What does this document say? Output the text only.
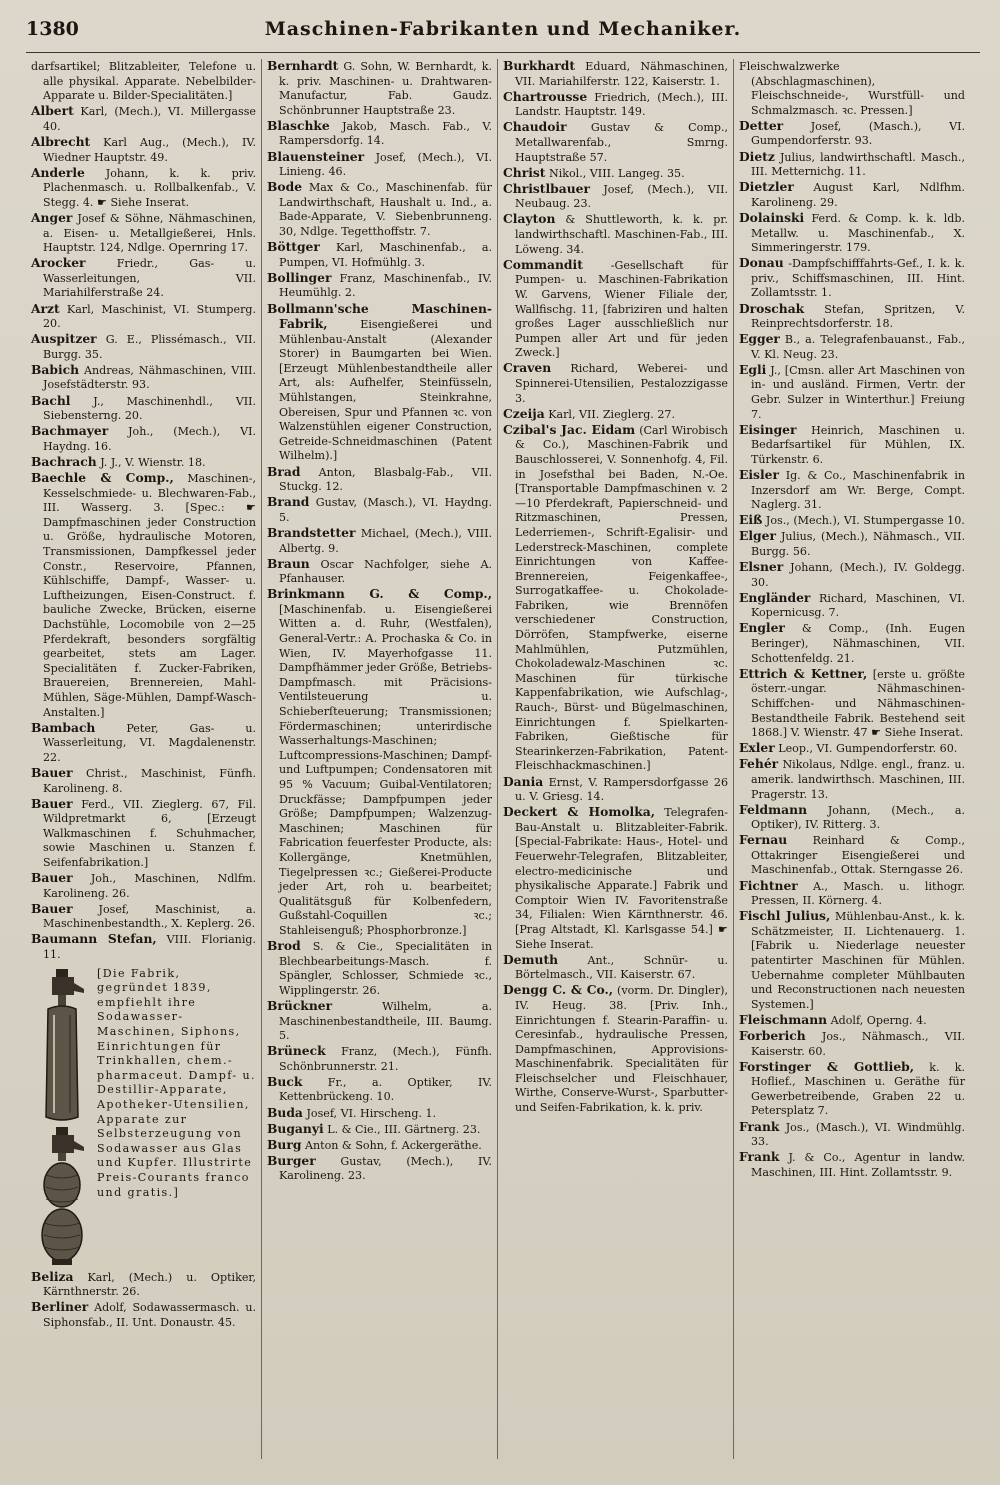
1380	Maschinen-Fabrikanten und Mechaniker.

darfsartikel; Blitzableiter, Telefone u. alle physikal. Apparate. Nebelbilder-Apparate u. Bilder-Specialitäten.]

Albert Karl, (Mech.), VI. Millergasse 40.

Albrecht Karl Aug., (Mech.), IV. Wiedner Hauptstr. 49.

Anderle Johann, k. k. priv. Plachenmasch. u. Rollbalkenfab., V. Stegg. 4. ☛ Siehe Inserat.

Anger Josef & Söhne, Nähmaschinen, a. Eisen- u. Metallgießerei, Hnls. Hauptstr. 124, Ndlge. Opernring 17.

Arocker	Friedr., Gas- u. Wasserleitungen, VII. Mariahilferstraße 24.

Arzt Karl, Maschinist, VI. Stumperg. 20.

Auspitzer G. E., Plissémasch., VII. Burgg. 35.

Babich Andreas, Nähmaschinen, VIII. Josefstädterstr. 93.

Bachl J., Maschinenhdl., VII. Siebensterng. 20.

Bachmayer Joh., (Mech.), VI. Haydng. 16.

Bachrach J. J., V. Wienstr. 18.

Baechle & Comp., Maschinen-, Kesselschmiede- u. Blechwaren-Fab., III. Wasserg. 3. [Spec.: ☛ Dampfmaschinen jeder Construction u. Größe, hydraulische Motoren, Transmissionen, Dampfkessel jeder Constr., Reservoire, Pfannen, Kühlschiffe, Dampf-, Wasser- u. Luftheizungen, Eisen-Construct. f. bauliche Zwecke, Brücken, eiserne Dachstühle, Locomobile von 2—25 Pferdekraft, besonders sorgfältig gearbeitet, stets am Lager. Specialitäten f. Zucker-Fabriken, Brauereien, Brennereien, Mahl-Mühlen, Säge-Mühlen, Dampf-Wasch-Anstalten.]

Bambach	Peter, Gas- u. Wasserleitung, VI. Magdalenenstr. 22.

Bauer Christ., Maschinist, Fünfh. Karolineng. 8.

Bauer Ferd., VII. Zieglerg. 67, Fil. Wildpretmarkt 6, [Erzeugt Walkmaschinen f. Schuhmacher, sowie Maschinen u. Stanzen f. Seifenfabrikation.]

Bauer Joh., Maschinen, Ndlfm. Karolineng. 26.

Bauer Josef, Maschinist, a. Maschinenbestandth., X. Keplerg. 26.

Baumann Stefan, VIII. Florianig. 11.

[Die Fabrik, gegründet 1839, empfiehlt ihre Sodawasser-Maschinen, Siphons, Einrichtungen für Trinkhallen, chem.-pharmaceut. Dampf- u. Destillir-Apparate, Apotheker-Utensilien, Apparate zur Selbsterzeugung von Sodawasser aus Glas und Kupfer. Illustrirte Preis-Courants franco und gratis.]

Beliza Karl, (Mech.) u. Optiker, Kärnthnerstr. 26.

Berliner Adolf, Sodawassermasch. u. Siphonsfab., II. Unt. Donaustr. 45.

Bernhardt G. Sohn, W. Bernhardt, k. k. priv. Maschinen- u. Drahtwaren-Manufactur, Fab. Gaudz. Schönbrunner Hauptstraße 23.

Blaschke Jakob, Masch. Fab., V. Rampersdorfg. 14.

Blauensteiner Josef, (Mech.), VI. Linieng. 46.

Bode Max & Co., Maschinenfab. für Landwirthschaft, Haushalt u. Ind., a. Bade-Apparate, V. Siebenbrunneng. 30, Ndlge. Tegetthoffstr. 7.

Böttger Karl, Maschinenfab., a. Pumpen, VI. Hofmühlg. 3.

Bollinger Franz, Maschinenfab., IV. Heumühlg. 2.

Bollmann'sche Maschinen-Fabrik,	Eisengießerei und Mühlenbau-Anstalt (Alexander Storer) in Baumgarten bei Wien. [Erzeugt Mühlenbestandtheile aller Art, als: Aufhelfer, Steinfüsseln, Mühlstangen, Steinkrahne, Obereisen, Spur und Pfannen ꝛc. von Walzenstühlen eigener Construction, Getreide-Schneidmaschinen (Patent Wilhelm).]

Brad Anton, Blasbalg-Fab., VII. Stuckg. 12.

Brand Gustav, (Masch.), VI. Haydng. 5.

Brandstetter Michael, (Mech.), VIII. Albertg. 9.

Braun Oscar Nachfolger, siehe A. Pfanhauser.

Brinkmann G. & Comp., [Maschinenfab. u. Eisengießerei Witten a. d. Ruhr, (Westfalen), General-Vertr.: A. Prochaska & Co. in Wien, IV. Mayerhofgasse 11. Dampfhämmer jeder Größe, Betriebs-Dampfmasch. mit Präcisions-Ventilsteuerung u. Schieberſteuerung; Transmissionen; Fördermaschinen; unterirdische Wasserhaltungs-Maschinen; Luftcompressions-Maschinen; Dampf- und Luftpumpen; Condensatoren mit 95 % Vacuum; Guibal-Ventilatoren; Druckfässe; Dampfpumpen jeder Größe; Dampfpumpen; Walzenzug-Maschinen; Maschinen für Fabrication feuerfester Producte, als: Kollergänge, Knetmühlen, Tiegelpressen ꝛc.; Gießerei-Producte jeder Art, roh u. bearbeitet; Qualitätsguß für Kolbenfedern, Gußstahl-Coquillen ꝛc.; Stahleisenguß; Phosphorbronze.]

Brod S. & Cie., Specialitäten in Blechbearbeitungs-Masch. f. Spängler, Schlosser, Schmiede ꝛc., Wipplingerstr. 26.

Brückner	Wilhelm, a. Maschinenbestandtheile, III. Baumg. 5.

Brüneck Franz, (Mech.), Fünfh. Schönbrunnerstr. 21.

Buck Fr., a. Optiker, IV. Kettenbrückeng. 10.

Buda Josef, VI. Hirscheng. 1.

Buganyi L. & Cie., III. Gärtnerg. 23.

Burg Anton & Sohn, f. Ackergeräthe.

Burger Gustav, (Mech.), IV. Karolineng. 23.

Burkhardt Eduard, Nähmaschinen, VII. Mariahilferstr. 122, Kaiserstr. 1.

Chartrousse Friedrich, (Mech.), III. Landstr. Hauptstr. 149.

Chaudoir Gustav & Comp., Metallwarenfab., Smrng. Hauptstraße 57.

Christ Nikol., VIII. Langeg. 35.

Christlbauer Josef, (Mech.), VII. Neubaug. 23.

Clayton & Shuttleworth, k. k. pr. landwirthschaftl. Maschinen-Fab., III. Löweng. 34.

Commandit	-Gesellschaft für Pumpen- u. Maschinen-Fabrikation W. Garvens, Wiener Filiale der, Wallfischg. 11, [fabriziren und halten großes Lager ausschließlich nur Pumpen aller Art und für jeden Zweck.]

Craven Richard, Weberei- und Spinnerei-Utensilien, Pestalozzigasse 3.

Czeija Karl, VII. Zieglerg. 27.

Czibal's Jac. Eidam (Carl Wirobisch & Co.), Maschinen-Fabrik und Bauschlosserei, V. Sonnenhofg. 4, Fil. in Josefsthal bei Baden, N.-Oe. [Transportable Dampfmaschinen v. 2—10 Pferdekraft, Papierschneid- und Ritzmaschinen, Pressen, Lederriemen-, Schrift-Egalisir- und Lederstreck-Maschinen, complete Einrichtungen von Kaffee-Brennereien, Feigenkaffee-, Surrogatkaffee- u. Chokolade-Fabriken, wie Brennöfen verschiedener Construction, Dörröfen, Stampfwerke, eiserne Mahlmühlen, Putzmühlen, Chokoladewalz-Maschinen ꝛc. Maschinen für türkische Kappenfabrikation, wie Aufschlag-, Rauch-, Bürst- und Bügelmaschinen, Einrichtungen f. Spielkarten-Fabriken, Gießtische für Stearinkerzen-Fabrikation, Patent-Fleischhackmaschinen.]

Dania Ernst, V. Rampersdorfgasse 26 u. V. Griesg. 14.

Deckert & Homolka, Telegrafen-Bau-Anstalt u. Blitzableiter-Fabrik. [Special-Fabrikate: Haus-, Hotel- und Feuerwehr-Telegrafen, Blitzableiter, electro-medicinische und physikalische Apparate.] Fabrik und Comptoir Wien IV. Favoritenstraße 34, Filialen: Wien Kärnthnerstr. 46. [Prag Altstadt, Kl. Karlsgasse 54.] ☛ Siehe Inserat.

Demuth	Ant., Schnür- u. Börtelmasch., VII. Kaiserstr. 67.

Dengg C. & Co., (vorm. Dr. Dingler), IV. Heug. 38. [Priv. Inh., Einrichtungen f. Stearin-Paraffin- u. Ceresinfab., hydraulische Pressen, Dampfmaschinen, Approvisions-Maschinenfabrik. Specialitäten für Fleischselcher und Fleischhauer, Wirthe, Conserve-Wurst-, Sparbutter- und Seifen-Fabrikation, k. k. priv.

Fleischwalzwerke (Abschlagmaschinen), Fleischschneide-, Wurstfüll- und Schmalzmasch. ꝛc. Pressen.]

Detter Josef, (Masch.), VI. Gumpendorferstr. 93.

Dietz Julius, landwirthschaftl. Masch., III. Metternichg. 11.

Dietzler August Karl, Ndlfhm. Karolineng. 29.

Dolainski Ferd. & Comp. k. k. ldb. Metallw. u. Maschinenfab., X. Simmeringerstr. 179.

Donau -Dampfschifffahrts-Gef., I. k. k. priv., Schiffsmaschinen, III. Hint. Zollamtsstr. 1.

Droschak Stefan, Spritzen, V. Reinprechtsdorferstr. 18.

Egger B., a. Telegrafenbauanst., Fab., V. Kl. Neug. 23.

Egli J., [Cmsn. aller Art Maschinen von in- und ausländ. Firmen, Vertr. der Gebr. Sulzer in Winterthur.] Freiung 7.

Eisinger Heinrich, Maschinen u. Bedarfsartikel für Mühlen, IX. Türkenstr. 6.

Eisler Ig. & Co., Maschinenfabrik in Inzersdorf am Wr. Berge, Compt. Naglerg. 31.

Eiß Jos., (Mech.), VI. Stumpergasse 10.

Elger Julius, (Mech.), Nähmasch., VII. Burgg. 56.

Elsner Johann, (Mech.), IV. Goldegg. 30.

Engländer Richard, Maschinen, VI. Kopernicusg. 7.

Engler & Comp., (Inh. Eugen Beringer), Nähmaschinen, VII. Schottenfeldg. 21.

Ettrich & Kettner, [erste u. größte österr.-ungar. Nähmaschinen-Schiffchen- und Nähmaschinen-Bestandtheile Fabrik. Bestehend seit 1868.] V. Wienstr. 47 ☛ Siehe Inserat.

Exler Leop., VI. Gumpendorferstr. 60.

Fehér Nikolaus, Ndlge. engl., franz. u. amerik. landwirthsch. Maschinen, III. Pragerstr. 13.

Feldmann Johann, (Mech., a. Optiker), IV. Ritterg. 3.

Fernau Reinhard & Comp., Ottakringer Eisengießerei und Maschinenfab., Ottak. Sterngasse 26.

Fichtner A., Masch. u. lithogr. Pressen, II. Körnerg. 4.

Fischl Julius, Mühlenbau-Anst., k. k. Schätzmeister, II. Lichtenauerg. 1. [Fabrik u. Niederlage neuester patentirter Maschinen für Mühlen. Uebernahme completer Mühlbauten und Reconstructionen nach neuesten Systemen.]

Fleischmann Adolf, Operng. 4.

Forberich Jos., Nähmasch., VII. Kaiserstr. 60.

Forstinger & Gottlieb, k. k. Hoflief., Maschinen u. Geräthe für Gewerbetreibende, Graben 22 u. Petersplatz 7.

Frank Jos., (Masch.), VI. Windmühlg. 33.

Frank J. & Co., Agentur in landw. Maschinen, III. Hint. Zollamtsstr. 9.
